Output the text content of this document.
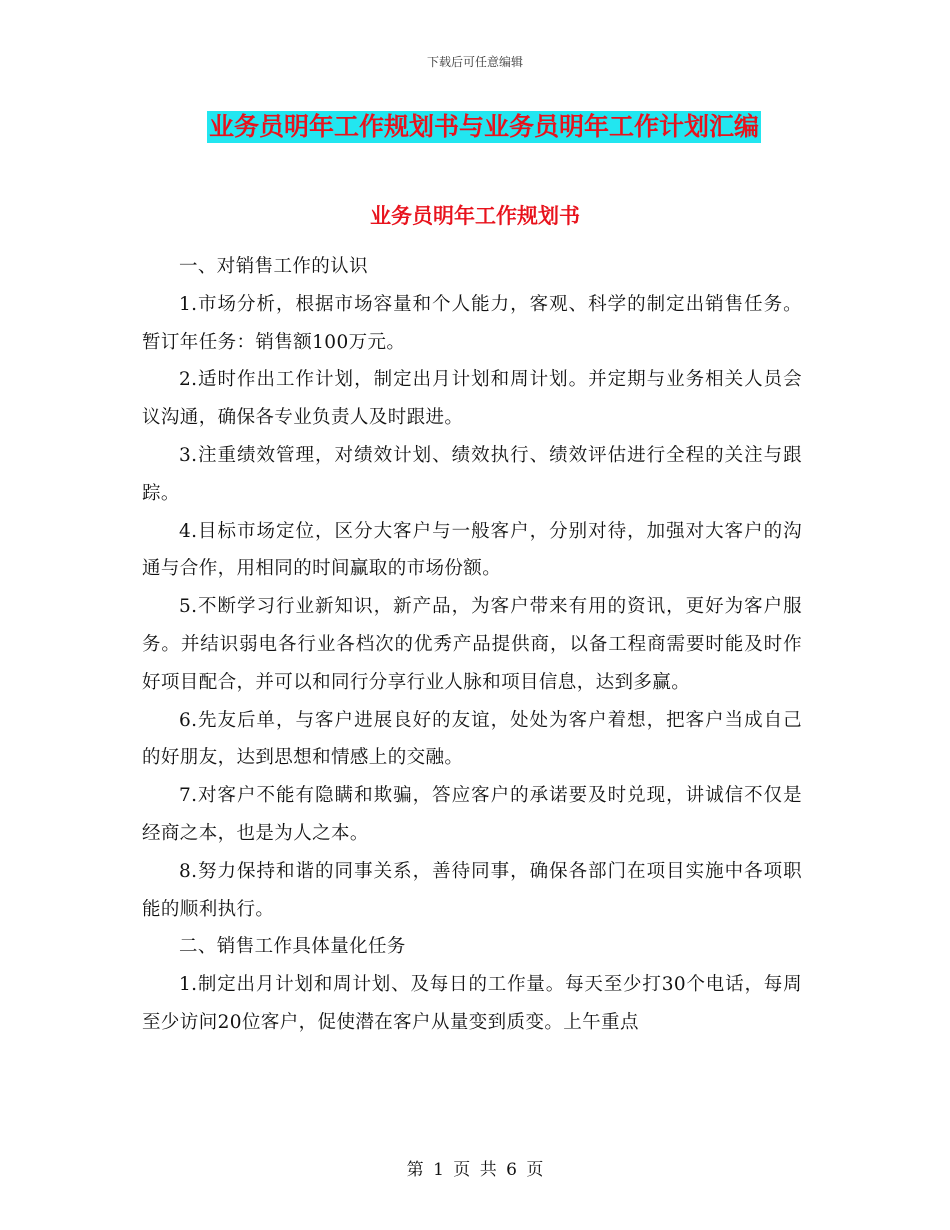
下载后可任意编辑
业务员明年工作规划书与业务员明年工作计划汇编
业务员明年工作规划书

一、对销售工作的认识

1.市场分析，根据市场容量和个人能力，客观、科学的制定出销售任务。暂订年任务：销售额100万元。

2.适时作出工作计划，制定出月计划和周计划。并定期与业务相关人员会议沟通，确保各专业负责人及时跟进。

3.注重绩效管理，对绩效计划、绩效执行、绩效评估进行全程的关注与跟踪。

4.目标市场定位，区分大客户与一般客户，分别对待，加强对大客户的沟通与合作，用相同的时间赢取的市场份额。

5.不断学习行业新知识，新产品，为客户带来有用的资讯，更好为客户服务。并结识弱电各行业各档次的优秀产品提供商，以备工程商需要时能及时作好项目配合，并可以和同行分享行业人脉和项目信息，达到多赢。

6.先友后单，与客户进展良好的友谊，处处为客户着想，把客户当成自己的好朋友，达到思想和情感上的交融。

7.对客户不能有隐瞒和欺骗，答应客户的承诺要及时兑现，讲诚信不仅是经商之本，也是为人之本。

8.努力保持和谐的同事关系，善待同事，确保各部门在项目实施中各项职能的顺利执行。

二、销售工作具体量化任务

1.制定出月计划和周计划、及每日的工作量。每天至少打30个电话，每周至少访问20位客户，促使潜在客户从量变到质变。上午重点

第 1 页 共 6 页
